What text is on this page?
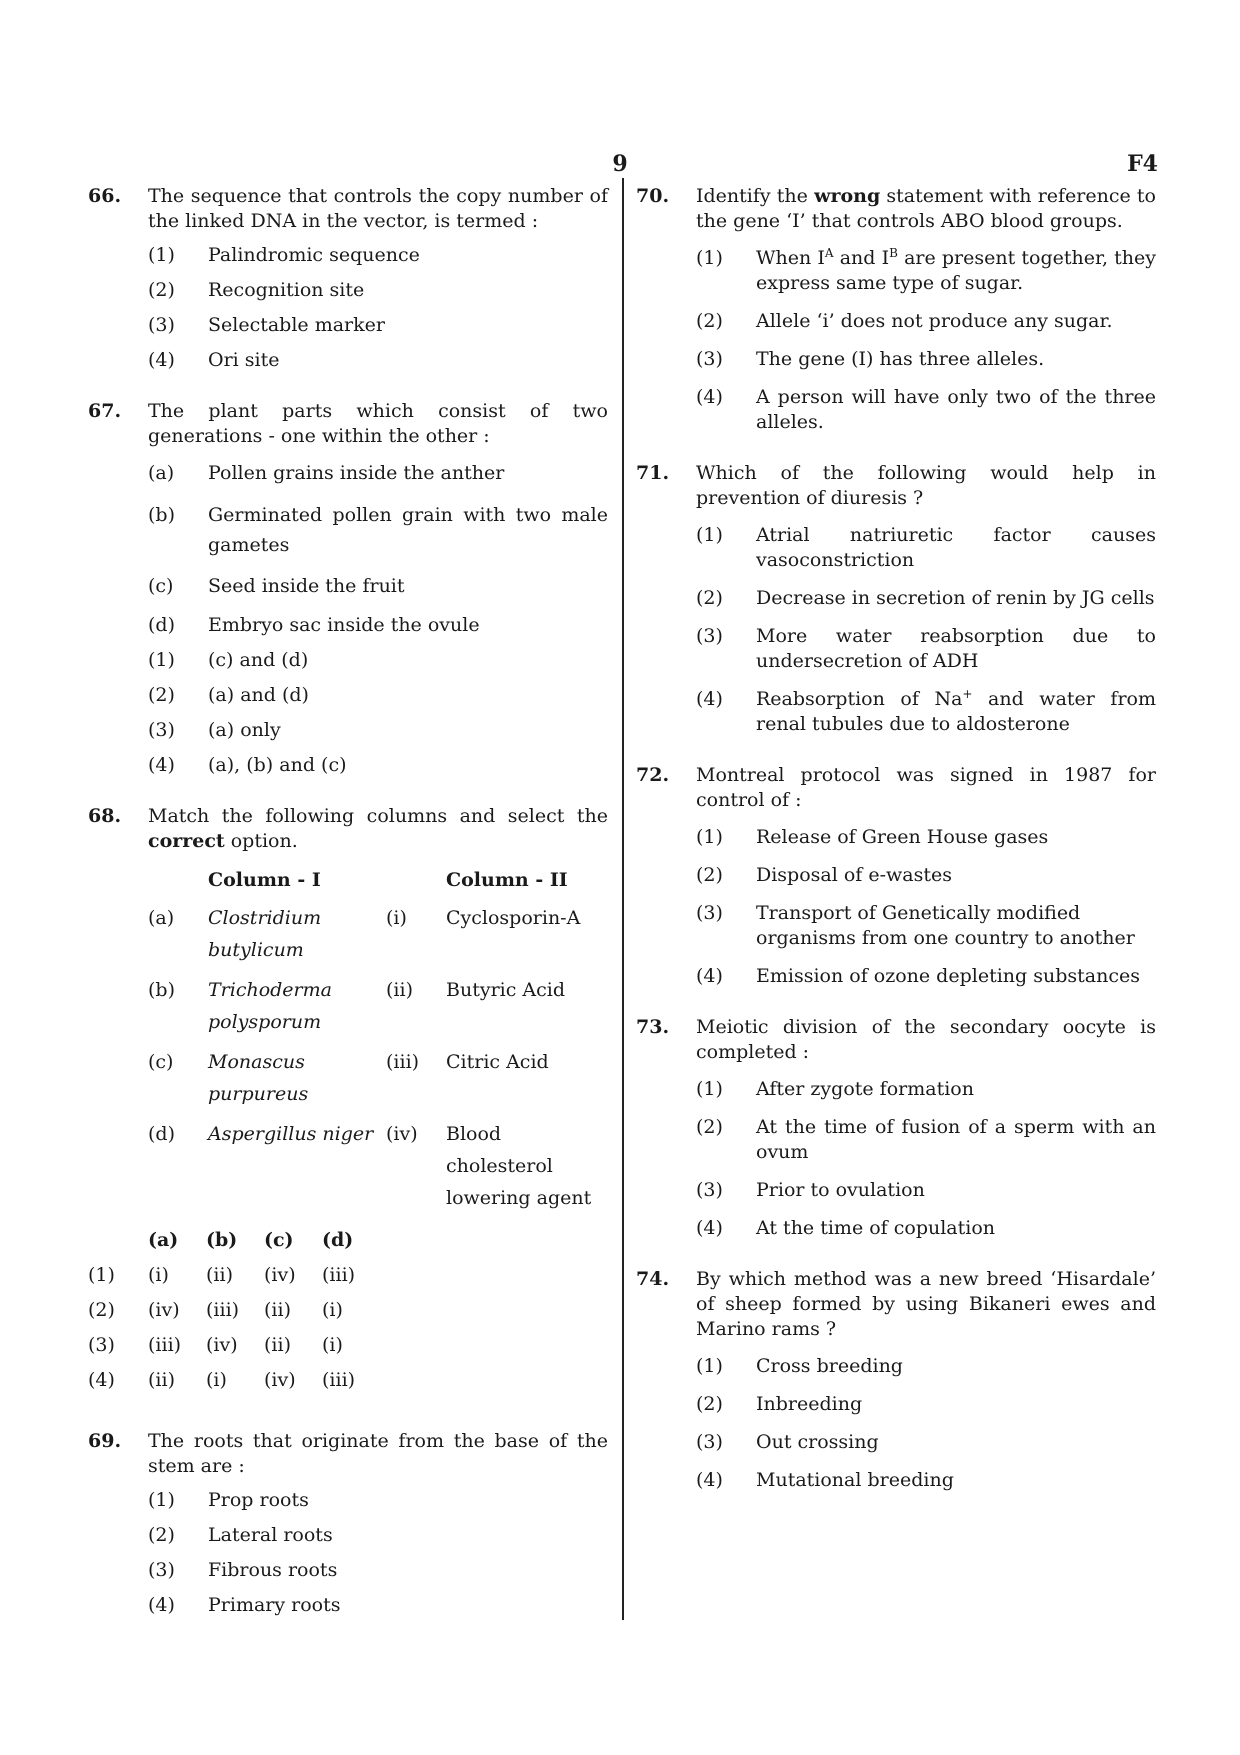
9	F4
66. The sequence that controls the copy number of the linked DNA in the vector, is termed :
(1) Palindromic sequence
(2) Recognition site
(3) Selectable marker
(4) Ori site
67. The plant parts which consist of two generations - one within the other :
(a) Pollen grains inside the anther
(b) Germinated pollen grain with two male gametes
(c) Seed inside the fruit
(d) Embryo sac inside the ovule
(1) (c) and (d)
(2) (a) and (d)
(3) (a) only
(4) (a), (b) and (c)
68. Match the following columns and select the
correct option.
	Column - I		Column - II
(a)	Clostridium butylicum	(i)	Cyclosporin-A
(b)	Trichoderma polysporum	(ii)	Butyric Acid
(c)	Monascus purpureus	(iii)	Citric Acid
(d)	Aspergillus niger	(iv)	Blood cholesterol lowering agent
	(a)	(b)	(c)	(d)
(1)	(i)	(ii)	(iv)	(iii)
(2)	(iv)	(iii)	(ii)	(i)
(3)	(iii)	(iv)	(ii)	(i)
(4)	(ii)	(i)	(iv)	(iii)
69. The roots that originate from the base of the stem are :
(1) Prop roots
(2) Lateral roots
(3) Fibrous roots
(4) Primary roots
70. Identify the wrong statement with reference to the gene ‘I’ that controls ABO blood groups.
(1) When $I^A$ and $I^B$ are present together, they express same type of sugar.
(2) Allele ‘i’ does not produce any sugar.
(3) The gene (I) has three alleles.
(4) A person will have only two of the three alleles.
71. Which of the following would help in prevention of diuresis ?
(1) Atrial natriuretic factor causes
vasoconstriction
(2) Decrease in secretion of renin by JG cells
(3) More water reabsorption due to
undersecretion of ADH
(4) Reabsorption of Na+ and water from renal tubules due to aldosterone
72. Montreal protocol was signed in 1987 for control of :
(1) Release of Green House gases
(2) Disposal of e-wastes
(3) Transport of Genetically modified organisms from one country to another
(4) Emission of ozone depleting substances
73. Meiotic division of the secondary oocyte is completed :
(1) After zygote formation
(2) At the time of fusion of a sperm with an ovum
(3) Prior to ovulation
(4) At the time of copulation
74. By which method was a new breed ‘Hisardale’ of sheep formed by using Bikaneri ewes and Marino rams ?
(1) Cross breeding
(2) Inbreeding
(3) Out crossing
(4) Mutational breeding
